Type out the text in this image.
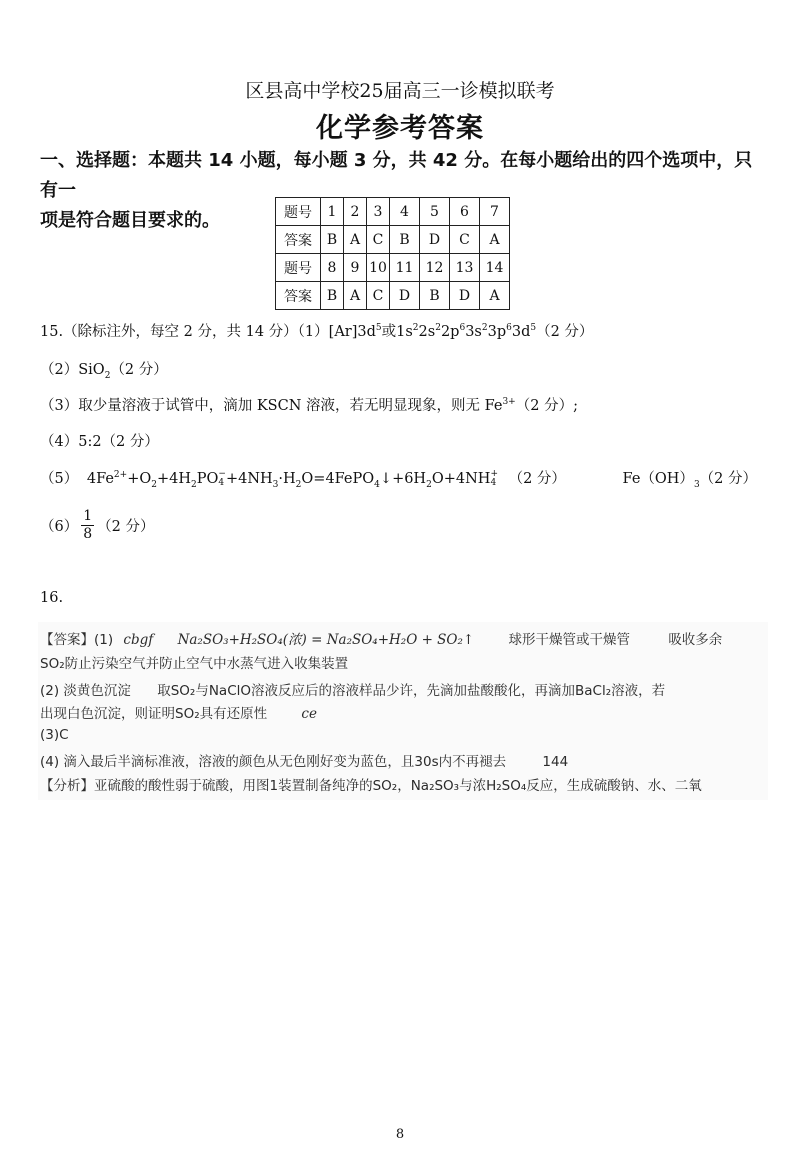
区县高中学校25届高三一诊模拟联考
化学参考答案
一、选择题：本题共 14 小题，每小题 3 分，共 42 分。在每小题给出的四个选项中，只有一
项是符合题目要求的。	题号	1	2	3	4	5	6	7
答案	B	A	C	B	D	C	A
题号	8	9	10	11	12	13	14
答案	B	A	C	D	B	D	A
15.（除标注外，每空 2 分，共 14 分）$(1)[Ar]3d^5$或$1s^22s^22p^63s^23p^63d^5(2$ 分）
（2）SiO$_2$（2 分）
（3）取少量溶液于试管中，滴加 KSCN 溶液，若无明显现象，则无 $Fe^{3+}(2$ 分）;
（4）5:2（2 分）
（5） $4Fe^{2+}+O_2+4H_2PO$ −
$4 +4NH_3\cdot H_2O=4FePO_4↓+6H_2O+4NH$ +
4 （2 分）	$Fe(OH)_3(2$ 分）
$(6) \frac{1}{8} (2$ 分）
16.
【答案】(1) cbgf Na₂SO₃+H₂SO₄(浓) = Na₂SO₄+H₂O + SO₂↑	球形干燥管或干燥管	吸收多余
SO₂防止污染空气并防止空气中水蒸气进入收集装置
(2) 淡黄色沉淀 取SO₂与NaClO溶液反应后的溶液样品少许，先滴加盐酸酸化，再滴加BaCl₂溶液，若
出现白色沉淀，则证明SO₂具有还原性	ce
(3)C
(4) 滴入最后半滴标准液，溶液的颜色从无色刚好变为蓝色，且30s内不再褪去	144
【分析】亚硫酸的酸性弱于硫酸，用图1装置制备纯净的SO₂，Na₂SO₃与浓H₂SO₄反应，生成硫酸钠、水、二氧
8
